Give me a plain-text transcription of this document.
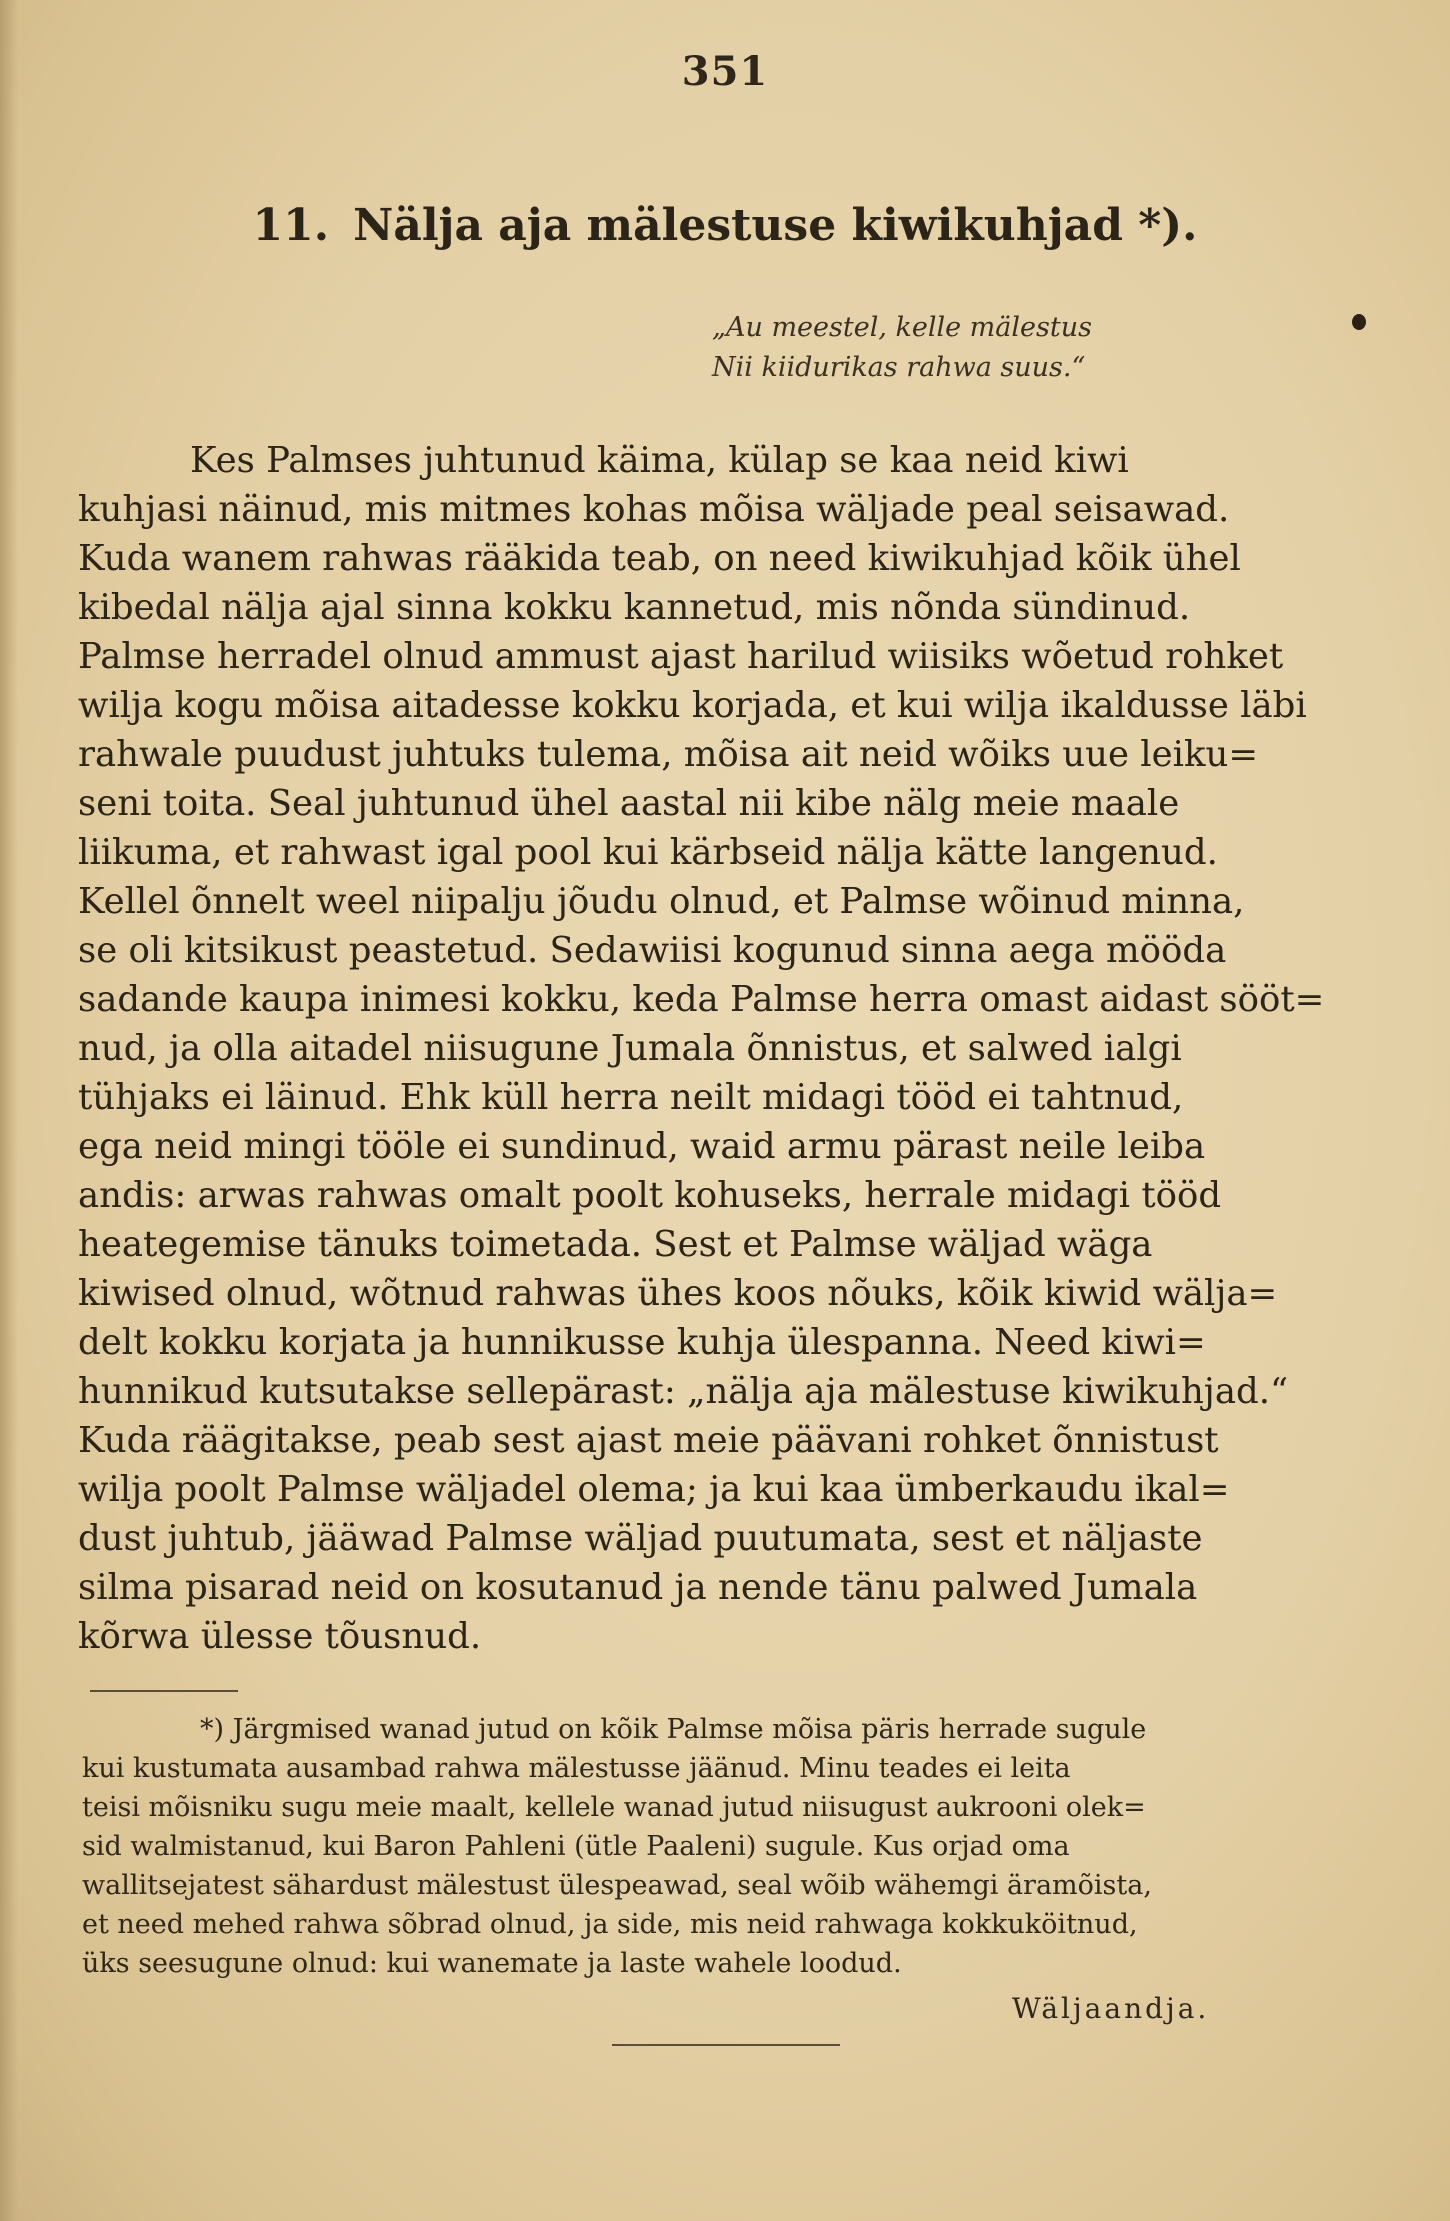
351
11. Nälja aja mälestuse kiwikuhjad *).
„Au meestel, kelle mälestus
Nii kiidurikas rahwa suus.“
Kes Palmses juhtunud käima, külap se kaa neid kiwi
kuhjasi näinud, mis mitmes kohas mõisa wäljade peal seisawad.
Kuda wanem rahwas rääkida teab, on need kiwikuhjad kõik ühel
kibedal nälja ajal sinna kokku kannetud, mis nõnda sündinud.
Palmse herradel olnud ammust ajast harilud wiisiks wõetud rohket
wilja kogu mõisa aitadesse kokku korjada, et kui wilja ikaldusse läbi
rahwale puudust juhtuks tulema, mõisa ait neid wõiks uue leiku=
seni toita. Seal juhtunud ühel aastal nii kibe nälg meie maale
liikuma, et rahwast igal pool kui kärbseid nälja kätte langenud.
Kellel õnnelt weel niipalju jõudu olnud, et Palmse wõinud minna,
se oli kitsikust peastetud. Sedawiisi kogunud sinna aega mööda
sadande kaupa inimesi kokku, keda Palmse herra omast aidast sööt=
nud, ja olla aitadel niisugune Jumala õnnistus, et salwed ialgi
tühjaks ei läinud. Ehk küll herra neilt midagi tööd ei tahtnud,
ega neid mingi tööle ei sundinud, waid armu pärast neile leiba
andis: arwas rahwas omalt poolt kohuseks, herrale midagi tööd
heategemise tänuks toimetada. Sest et Palmse wäljad wäga
kiwised olnud, wõtnud rahwas ühes koos nõuks, kõik kiwid wälja=
delt kokku korjata ja hunnikusse kuhja ülespanna. Need kiwi=
hunnikud kutsutakse sellepärast: „nälja aja mälestuse kiwikuhjad.“
Kuda räägitakse, peab sest ajast meie päävani rohket õnnistust
wilja poolt Palmse wäljadel olema; ja kui kaa ümberkaudu ikal=
dust juhtub, jääwad Palmse wäljad puutumata, sest et näljaste
silma pisarad neid on kosutanud ja nende tänu palwed Jumala
kõrwa ülesse tõusnud.
*) Järgmised wanad jutud on kõik Palmse mõisa päris herrade sugule
kui kustumata ausambad rahwa mälestusse jäänud. Minu teades ei leita
teisi mõisniku sugu meie maalt, kellele wanad jutud niisugust aukrooni olek=
sid walmistanud, kui Baron Pahleni (ütle Paaleni) sugule. Kus orjad oma
wallitsejatest sähardust mälestust ülespeawad, seal wõib wähemgi äramõista,
et need mehed rahwa sõbrad olnud, ja side, mis neid rahwaga kokkuköitnud,
üks seesugune olnud: kui wanemate ja laste wahele loodud.
Wäljaandja.
